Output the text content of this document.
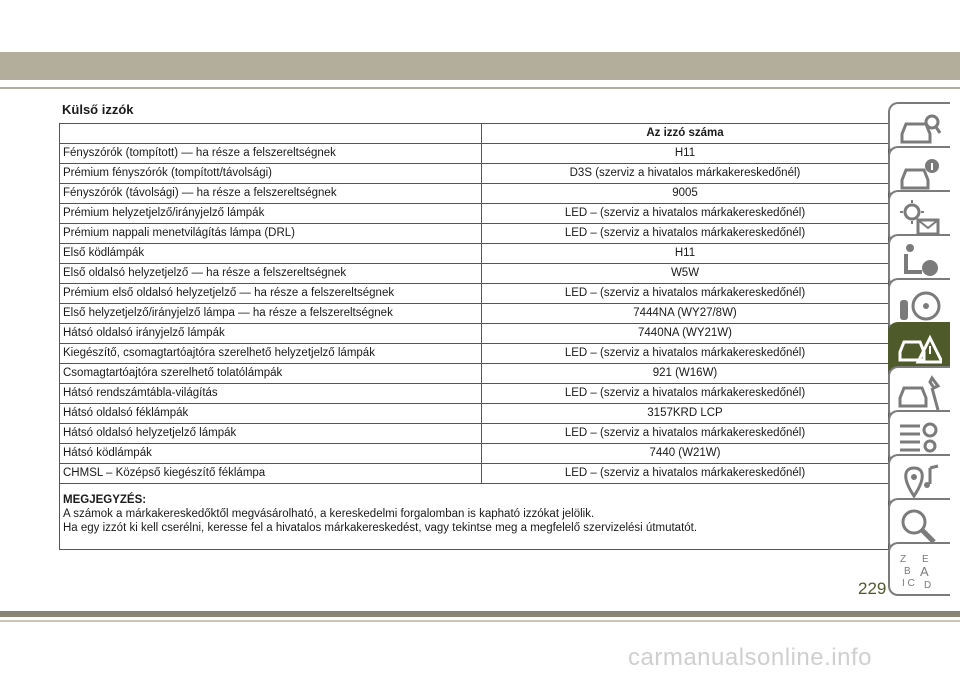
Külső izzók
	Az izzó száma
Fényszórók (tompított) — ha része a felszereltségnek	H11
Prémium fényszórók (tompított/távolsági)	D3S (szerviz a hivatalos márkakereskedőnél)
Fényszórók (távolsági) — ha része a felszereltségnek	9005
Prémium helyzetjelző/irányjelző lámpák	LED – (szerviz a hivatalos márkakereskedőnél)
Prémium nappali menetvilágítás lámpa (DRL)	LED – (szerviz a hivatalos márkakereskedőnél)
Első ködlámpák	H11
Első oldalsó helyzetjelző — ha része a felszereltségnek	W5W
Prémium első oldalsó helyzetjelző — ha része a felszereltségnek	LED – (szerviz a hivatalos márkakereskedőnél)
Első helyzetjelző/irányjelző lámpa — ha része a felszereltségnek	7444NA (WY27/8W)
Hátsó oldalsó irányjelző lámpák	7440NA (WY21W)
Kiegészítő, csomagtartóajtóra szerelhető helyzetjelző lámpák	LED – (szerviz a hivatalos márkakereskedőnél)
Csomagtartóajtóra szerelhető tolatólámpák	921 (W16W)
Hátsó rendszámtábla-világítás	LED – (szerviz a hivatalos márkakereskedőnél)
Hátsó oldalsó féklámpák	3157KRD LCP
Hátsó oldalsó helyzetjelző lámpák	LED – (szerviz a hivatalos márkakereskedőnél)
Hátsó ködlámpák	7440 (W21W)
CHMSL – Középső kiegészítő féklámpa	LED – (szerviz a hivatalos márkakereskedőnél)

MEGJEGYZÉS:
A számok a márkakereskedőktől megvásárolható, a kereskedelmi forgalomban is kapható izzókat jelölik.
Ha egy izzót ki kell cserélni, keresse fel a hivatalos márkakereskedést, vagy tekintse meg a megfelelő szervizelési útmutatót.	
Z E
B A
I C D
229
carmanualsonline.info
